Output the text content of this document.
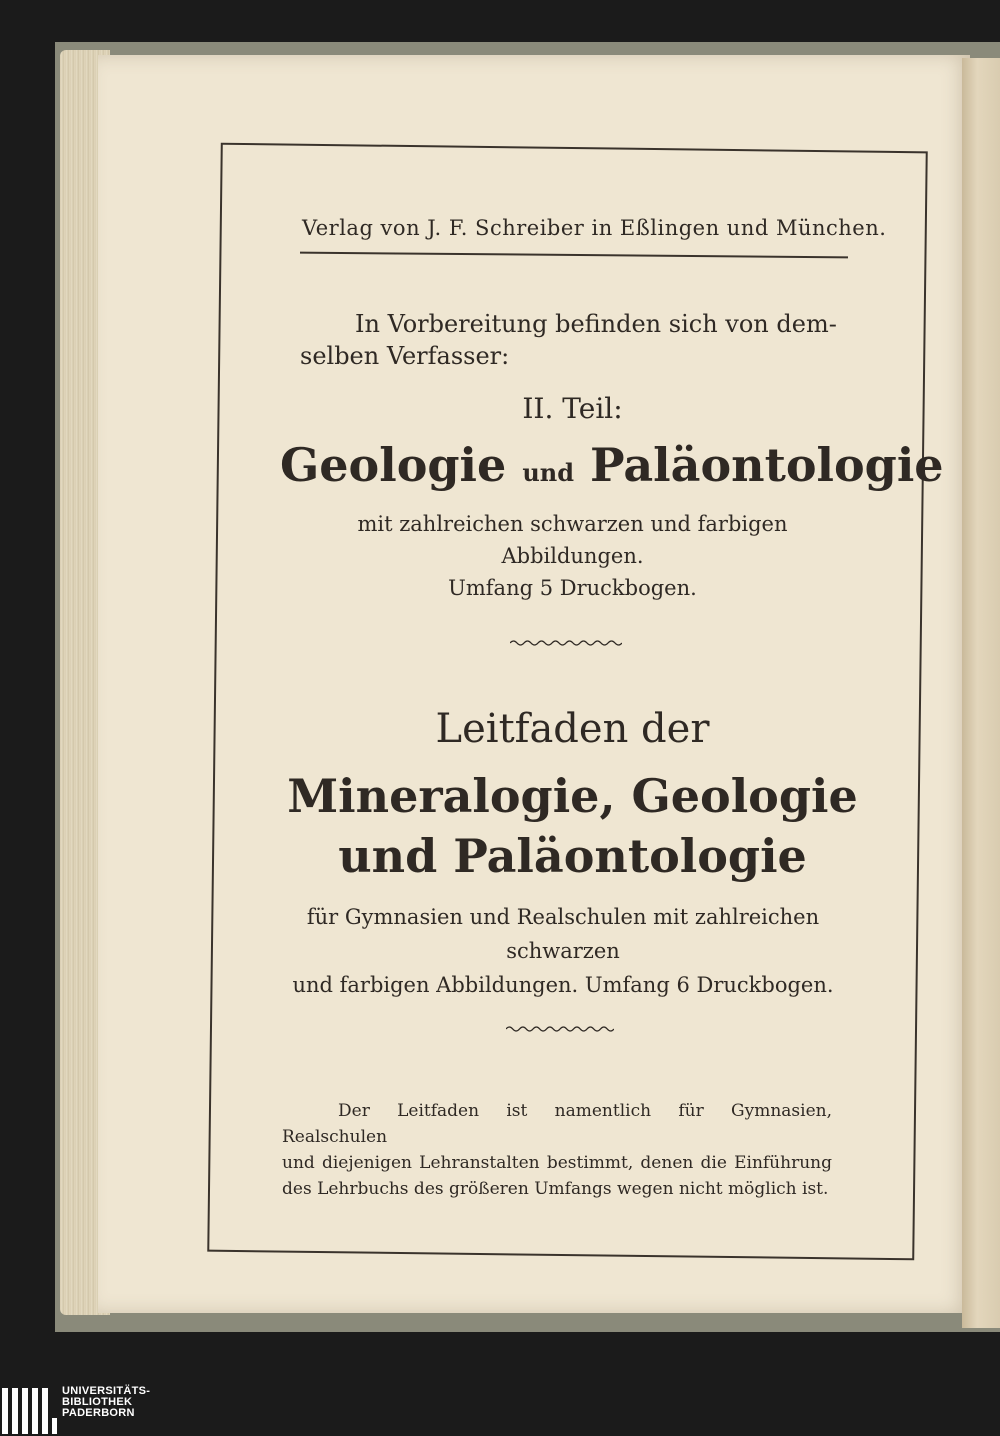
Verlag von J. F. Schreiber in Eßlingen und München.
In Vorbereitung befinden sich von dem-
selben Verfasser:
II. Teil:
Geologie und Paläontologie
mit zahlreichen schwarzen und farbigen Abbildungen.
Umfang 5 Druckbogen.
Leitfaden der
Mineralogie, Geologie
und Paläontologie
für Gymnasien und Realschulen mit zahlreichen schwarzen
und farbigen Abbildungen. Umfang 6 Druckbogen.
Der Leitfaden ist namentlich für Gymnasien, Realschulen
und diejenigen Lehranstalten bestimmt, denen die Einführung des Lehrbuchs des größeren Umfangs wegen nicht möglich ist.
UNIVERSITÄTS-
BIBLIOTHEK
PADERBORN
